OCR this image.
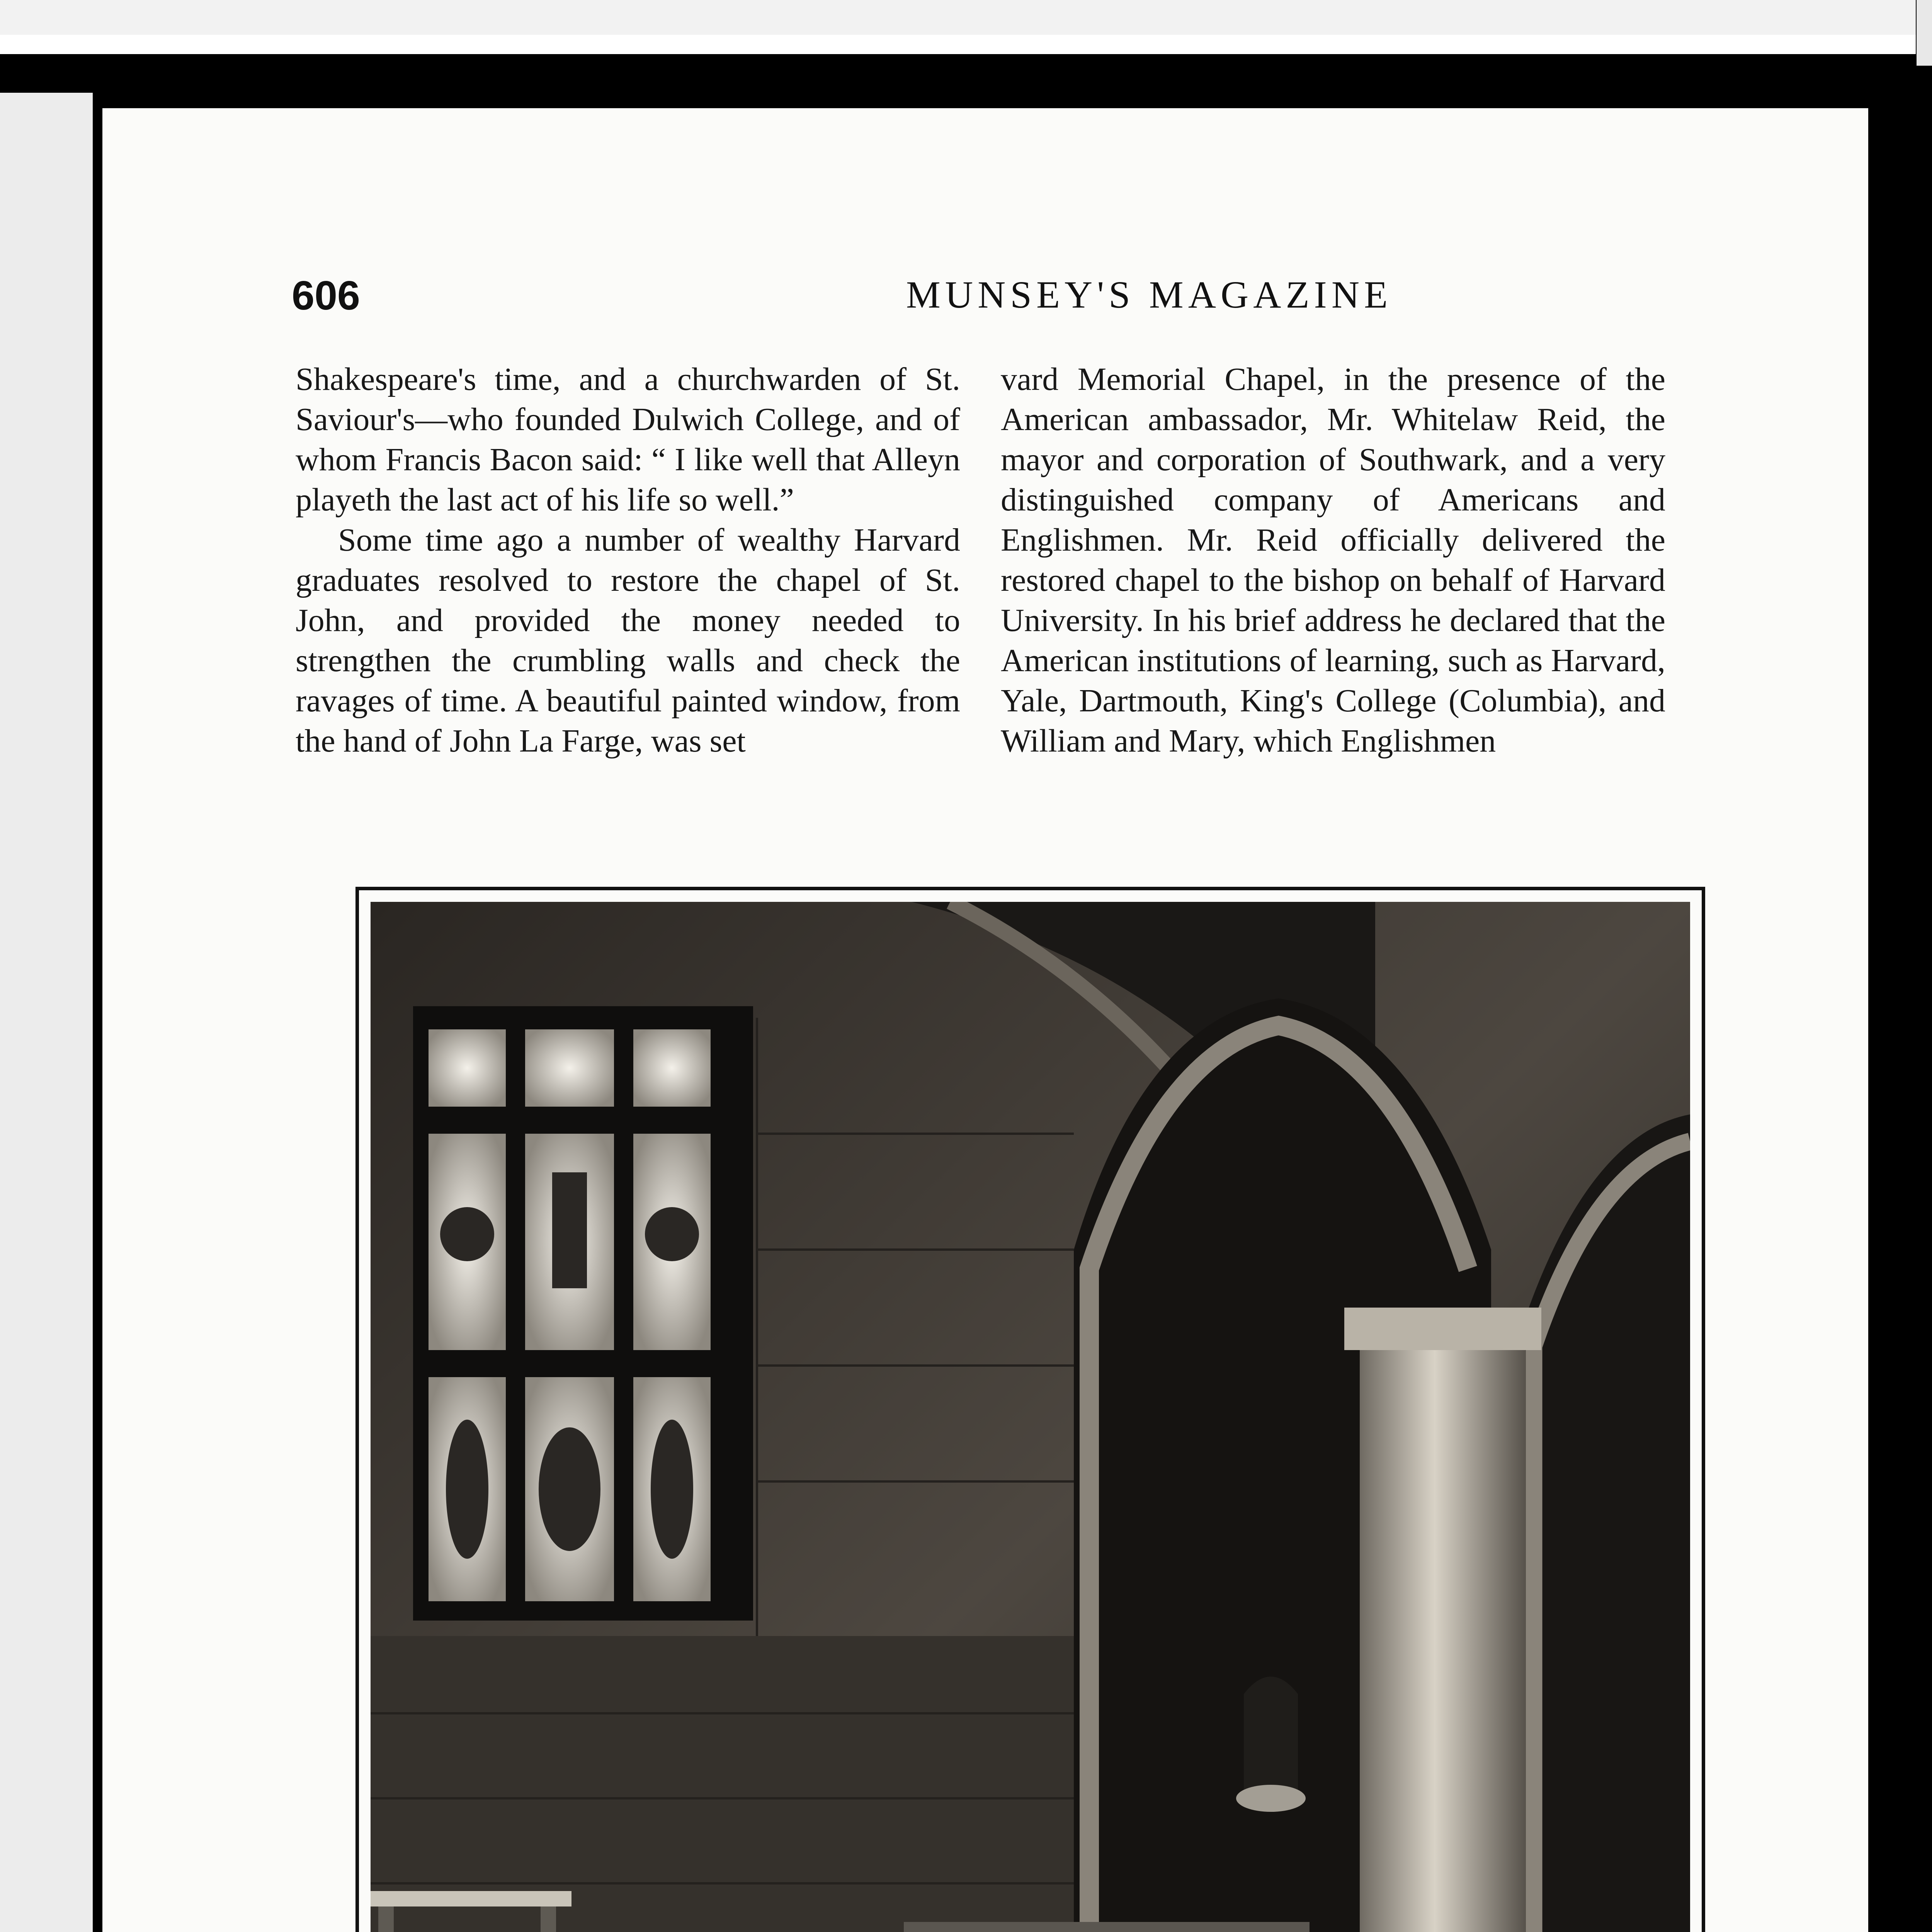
606	MUNSEY'S MAGAZINE

Shakespeare's time, and a churchwarden of St. Saviour's—who founded Dulwich College, and of whom Francis Bacon said: “ I like well that Alleyn playeth the last act of his life so well.”

Some time ago a number of wealthy Harvard graduates resolved to restore the chapel of St. John, and provided the money needed to strengthen the crumbling walls and check the ravages of time. A beautiful painted window, from the hand of John La Farge, was set

vard Memorial Chapel, in the presence of the American ambassador, Mr. Whitelaw Reid, the mayor and corporation of Southwark, and a very distinguished company of Americans and Englishmen. Mr. Reid officially delivered the restored chapel to the bishop on behalf of Harvard University. In his brief address he declared that the American institutions of learning, such as Harvard, Yale, Dartmouth, King's College (Columbia), and William and Mary, which Englishmen
